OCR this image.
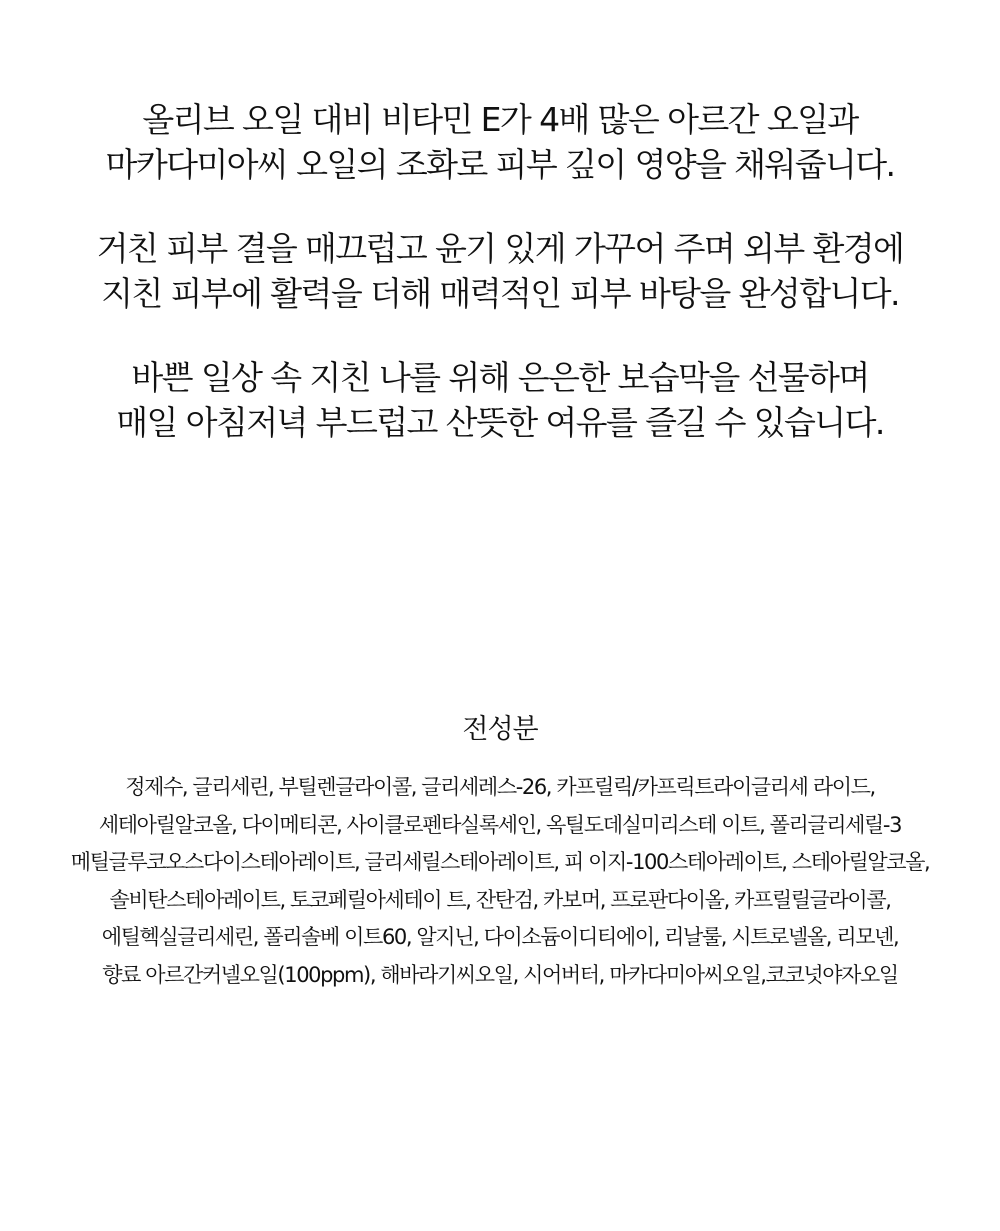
올리브 오일 대비 비타민 E가 4배 많은 아르간 오일과

마카다미아씨 오일의 조화로 피부 깊이 영양을 채워줍니다.

거친 피부 결을 매끄럽고 윤기 있게 가꾸어 주며 외부 환경에

지친 피부에 활력을 더해 매력적인 피부 바탕을 완성합니다.

바쁜 일상 속 지친 나를 위해 은은한 보습막을 선물하며

매일 아침저녁 부드럽고 산뜻한 여유를 즐길 수 있습니다.

전성분

정제수, 글리세린, 부틸렌글라이콜, 글리세레스-26, 카프릴릭/카프릭트라이글리세 라이드,

세테아릴알코올, 다이메티콘, 사이클로펜타실록세인, 옥틸도데실미리스테 이트, 폴리글리세릴-3

메틸글루코오스다이스테아레이트, 글리세릴스테아레이트, 피 이지-100스테아레이트, 스테아릴알코올,

솔비탄스테아레이트, 토코페릴아세테이 트, 잔탄검, 카보머, 프로판다이올, 카프릴릴글라이콜,

에틸헥실글리세린, 폴리솔베 이트60, 알지닌, 다이소듐이디티에이, 리날룰, 시트로넬올, 리모넨,

향료 아르간커넬오일(100ppm), 해바라기씨오일, 시어버터, 마카다미아씨오일,코코넛야자오일
